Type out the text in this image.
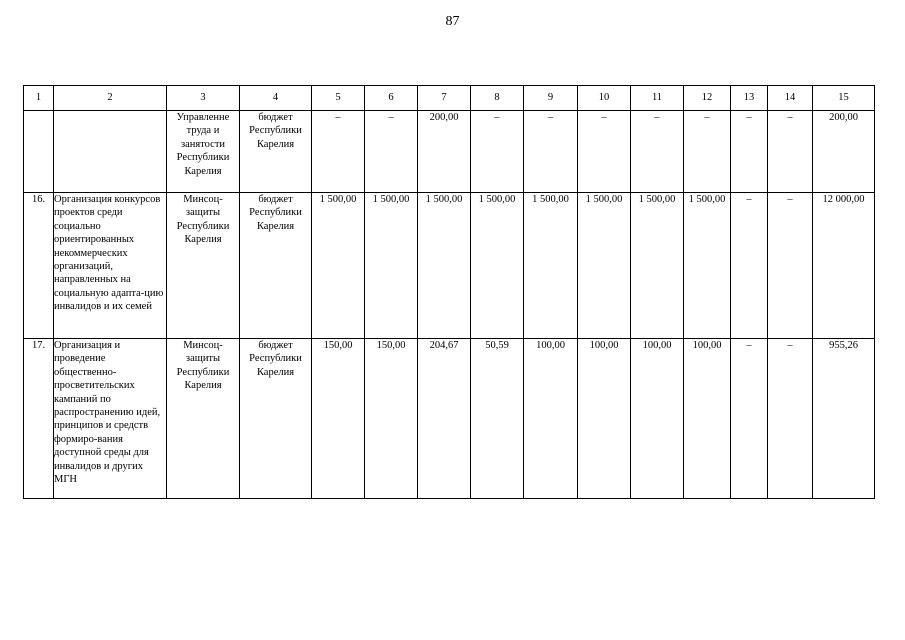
87
1	2	3	4	5	6	7	8	9	10	11	12	13	14	15
		Управленне труда и занятости Республики Карелия	бюджет Республики Карелия	–	–	200,00	–	–	–	–	–	–	–	200,00
16.	Организация конкурсов проектов среди социально ориентированных некоммерческих организаций, направленных на социальную адапта-цию инвалидов и их семей	Минсоц-защиты Республики Карелия	бюджет Республики Карелия	1 500,00	1 500,00	1 500,00	1 500,00	1 500,00	1 500,00	1 500,00	1 500,00	–	–	12 000,00
17.	Организация и проведение общественно-просветительских кампаний по распространению идей, принципов и средств формиро-вания доступной среды для инвалидов и других МГН	Минсоц-защиты Республики Карелия	бюджет Республики Карелия	150,00	150,00	204,67	50,59	100,00	100,00	100,00	100,00	–	–	955,26
